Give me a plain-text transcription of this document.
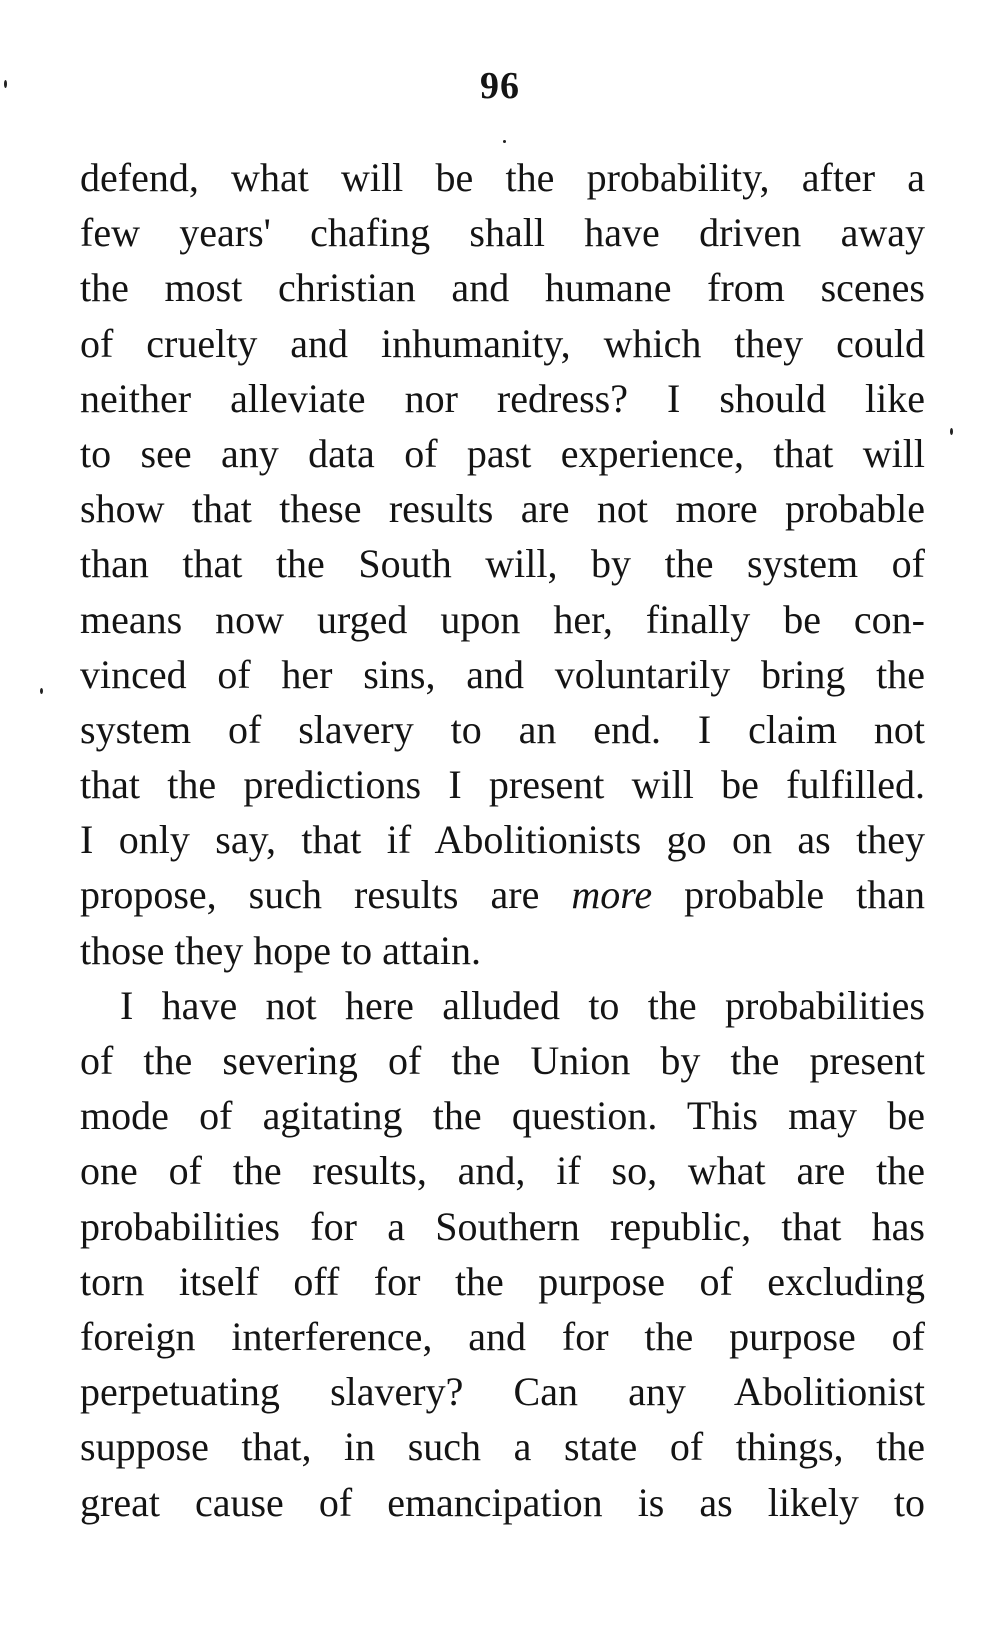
96
defend, what will be the probability, after a
few years' chafing shall have driven away
the most christian and humane from scenes
of cruelty and inhumanity, which they could
neither alleviate nor redress? I should like
to see any data of past experience, that will
show that these results are not more probable
than that the South will, by the system of
means now urged upon her, finally be con-
vinced of her sins, and voluntarily bring the
system of slavery to an end. I claim not
that the predictions I present will be fulfilled.
I only say, that if Abolitionists go on as they
propose, such results are more probable than
those they hope to attain.
I have not here alluded to the probabilities
of the severing of the Union by the present
mode of agitating the question. This may be
one of the results, and, if so, what are the
probabilities for a Southern republic, that has
torn itself off for the purpose of excluding
foreign interference, and for the purpose of
perpetuating slavery? Can any Abolitionist
suppose that, in such a state of things, the
great cause of emancipation is as likely to
